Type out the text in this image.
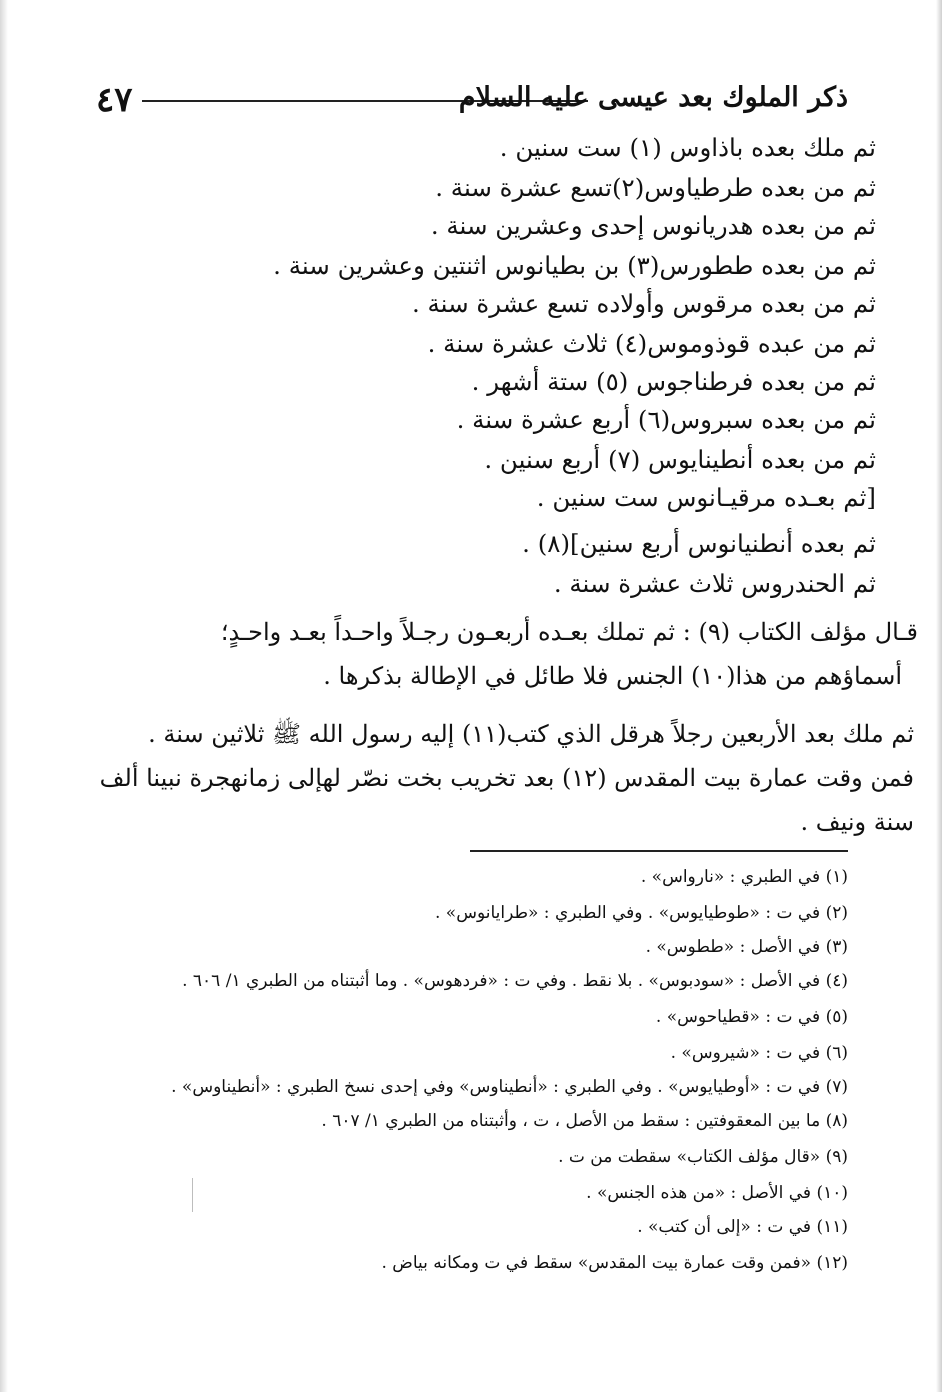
٤٧	ذكر الملوك بعد عيسى عليه السلام
ثم ملك بعده باذاوس (١) ست سنين .
ثم من بعده طرطياوس(٢)تسع عشرة سنة .
ثم من بعده هدريانوس إحدى وعشرين سنة .
ثم من بعده ططورس(٣) بن بطيانوس اثنتين وعشرين سنة .
ثم من بعده مرقوس وأولاده تسع عشرة سنة .
ثم من عبده قوذوموس(٤) ثلاث عشرة سنة .
ثم من بعده فرطناجوس (٥) ستة أشهر .
ثم من بعده سبروس(٦) أربع عشرة سنة .
ثم من بعده أنطينايوس (٧) أربع سنين .
[ثم بعـده مرقيـانوس ست سنين .
ثم بعده أنطنيانوس أربع سنين](٨) .
ثم الحندروس ثلاث عشرة سنة .
قـال مؤلف الكتاب (٩) : ثم تملك بعـده أربعـون رجـلاً واحـداً بعـد واحـدٍ؛
أسماؤهم من هذا(١٠) الجنس فلا طائل في الإطالة بذكرها .
ثم ملك بعد الأربعين رجلاً هرقل الذي كتب(١١) إليه رسول الله ﷺ ثلاثين سنة .
فمن وقت عمارة بيت المقدس (١٢) بعد تخريب بخت نصّر لهإلى زمانهجرة نبينا ألف
سنة ونيف .
(١) في الطبري : «نارواس» .
(٢) في ت : «طوطيايوس» . وفي الطبري : «طرايانوس» .
(٣) في الأصل : «ططوس» .
(٤) في الأصل : «سودبوس» . بلا نقط . وفي ت : «فردهوس» . وما أثبتناه من الطبري ١/ ٦٠٦ .
(٥) في ت : «قطياحوس» .
(٦) في ت : «شيروس» .
(٧) في ت : «أوطيايوس» . وفي الطبري : «أنطيناوس» وفي إحدى نسخ الطبري : «أنطيناوس» .
(٨) ما بين المعقوفتين : سقط من الأصل ، ت ، وأثبتناه من الطبري ١/ ٦٠٧ .
(٩) «قال مؤلف الكتاب» سقطت من ت .
(١٠) في الأصل : «من هذه الجنس» .
(١١) في ت : «إلى أن كتب» .
(١٢) «فمن وقت عمارة بيت المقدس» سقط في ت ومكانه بياض .
